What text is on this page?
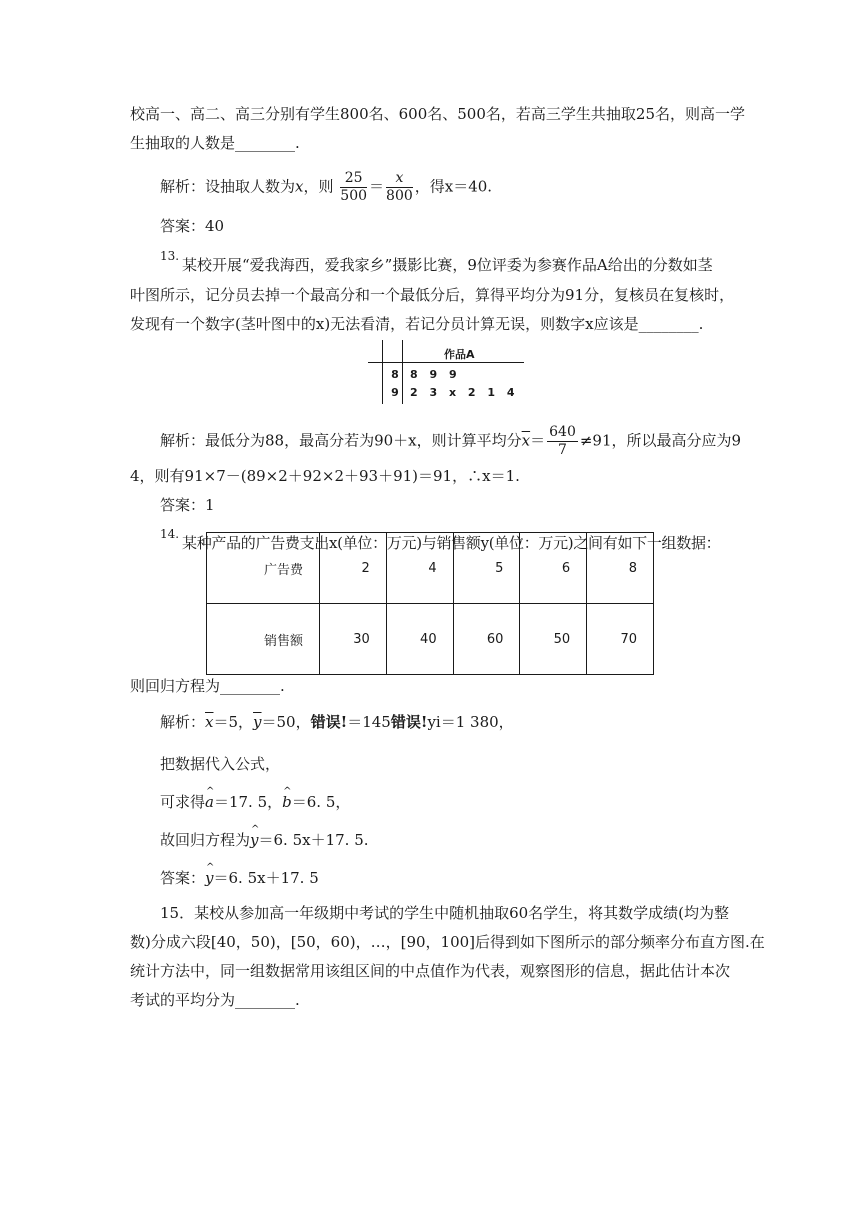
校高一、高二、高三分别有学生800名、600名、500名，若高三学生共抽取25名，则高一学
生抽取的人数是________.
解析：设抽取人数为x，则 $\frac{25}{500} = \frac{x}{800}$ ，得x＝40.
答案：40
13. 某校开展“爱我海西，爱我家乡”摄影比赛，9位评委为参赛作品A给出的分数如茎
叶图所示，记分员去掉一个最高分和一个最低分后，算得平均分为91分，复核员在复核时，
发现有一个数字(茎叶图中的x)无法看清，若记分员计算无误，则数字x应该是________.
作品A
8 8 9 9
9 2 3 x 2 1 4
解析：最低分为88，最高分若为90＋x，则计算平均分$\overline{x}= \frac{640}{7} \ne 91$，所以最高分应为9
4，则有91×7－(89×2＋92×2＋93＋91)＝91，∴x＝1.
答案：1
14. 某种产品的广告费支出x(单位：万元)与销售额y(单位：万元)之间有如下一组数据：
广告费	2	4	5	6	8
销售额	30	40	60	50	70
则回归方程为________.
解析：$\overline{x}=5$，$\overline{y}=50$，错误!＝145错误!yi＝1 380，
把数据代入公式，
可求得^ a＝17. 5，^ b＝6. 5，
故回归方程为^ y＝6. 5x＋17. 5.
答案：^ y＝6. 5x＋17. 5
15．某校从参加高一年级期中考试的学生中随机抽取60名学生，将其数学成绩(均为整
数)分成六段[40，50)，[50，60)，…，[90，100]后得到如下图所示的部分频率分布直方图.在
统计方法中，同一组数据常用该组区间的中点值作为代表，观察图形的信息，据此估计本次
考试的平均分为________.
